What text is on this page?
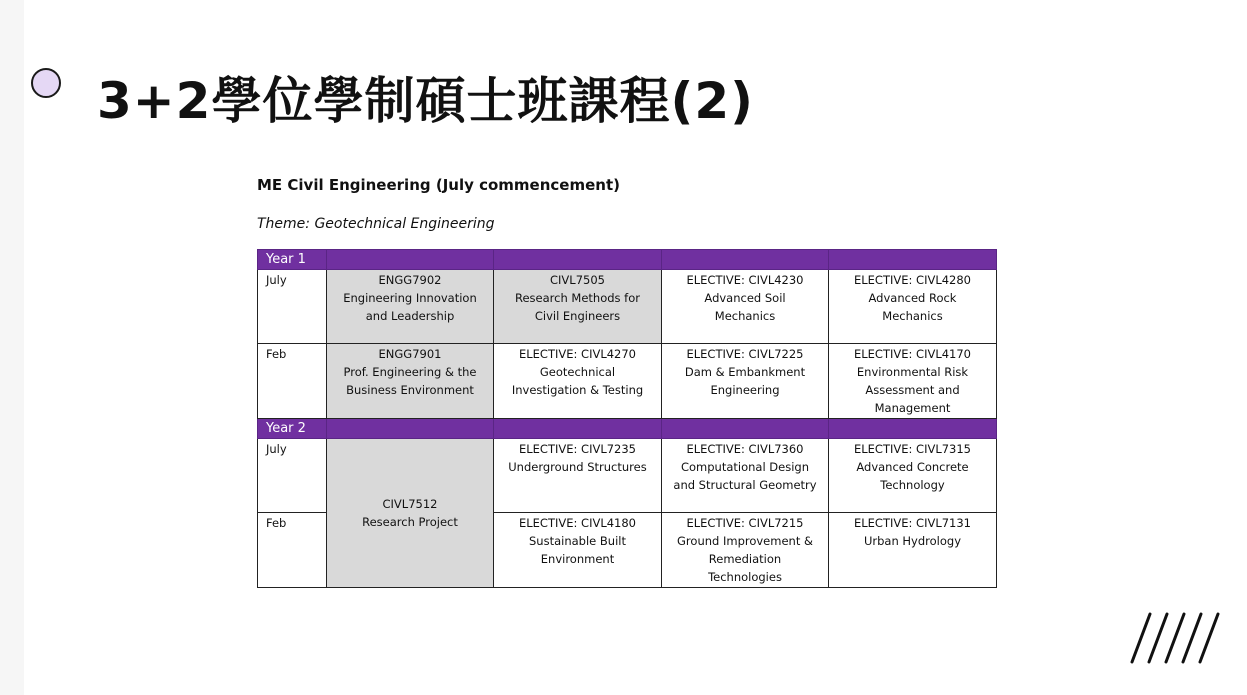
3+2學位學制碩士班課程(2)

ME Civil Engineering (July commencement)

Theme: Geotechnical Engineering

Year 1				
July	ENGG7902
Engineering Innovation
and Leadership	CIVL7505
Research Methods for
Civil Engineers	ELECTIVE: CIVL4230
Advanced Soil
Mechanics	ELECTIVE: CIVL4280
Advanced Rock
Mechanics

Feb	ENGG7901
Prof. Engineering & the
Business Environment	ELECTIVE: CIVL4270
Geotechnical
Investigation & Testing	ELECTIVE: CIVL7225
Dam & Embankment
Engineering	ELECTIVE: CIVL4170
Environmental Risk
Assessment and
Management

Year 2				
July	CIVL7512
Research Project	ELECTIVE: CIVL7235
Underground Structures	ELECTIVE: CIVL7360
Computational Design
and Structural Geometry	ELECTIVE: CIVL7315
Advanced Concrete
Technology

Feb		ELECTIVE: CIVL4180
Sustainable Built
Environment	ELECTIVE: CIVL7215
Ground Improvement &
Remediation
Technologies	ELECTIVE: CIVL7131
Urban Hydrology
